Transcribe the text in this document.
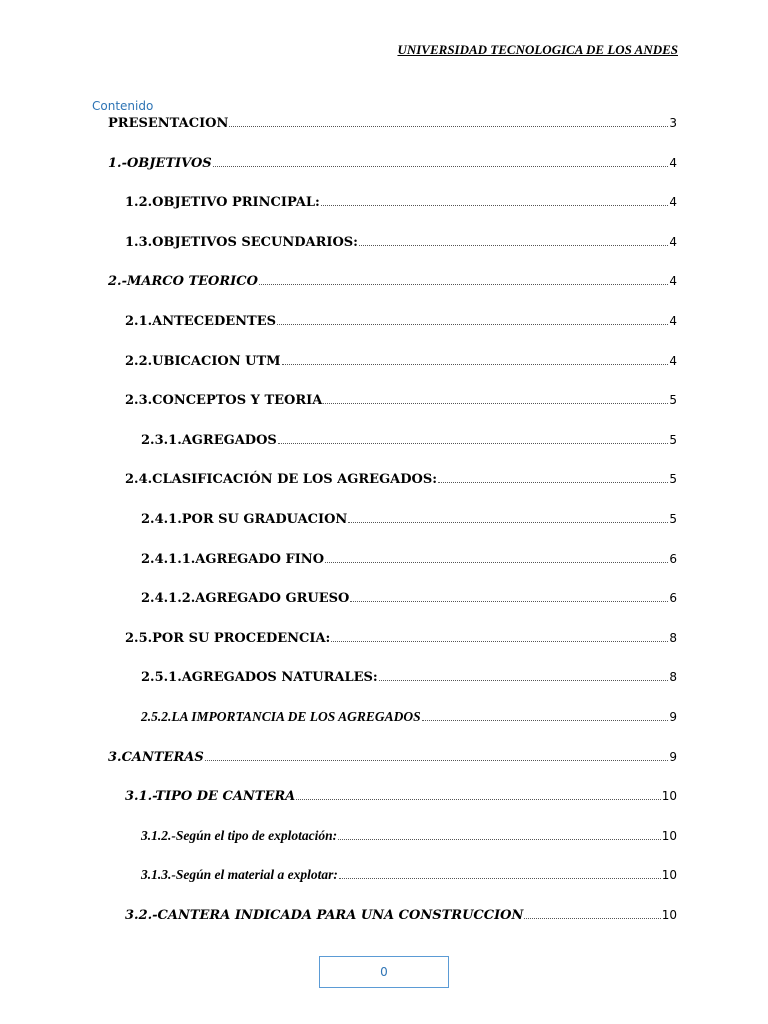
UNIVERSIDAD TECNOLOGICA DE LOS ANDES
Contenido
PRESENTACION	3
1.-OBJETIVOS	4
1.2.OBJETIVO PRINCIPAL:	4
1.3.OBJETIVOS SECUNDARIOS:	4
2.-MARCO TEORICO	4
2.1.ANTECEDENTES	4
2.2.UBICACION UTM	4
2.3.CONCEPTOS Y TEORIA	5
2.3.1.AGREGADOS	5
2.4.CLASIFICACIÓN DE LOS AGREGADOS:	5
2.4.1.POR SU GRADUACION	5
2.4.1.1.AGREGADO FINO	6
2.4.1.2.AGREGADO GRUESO	6
2.5.POR SU PROCEDENCIA:	8
2.5.1.AGREGADOS NATURALES:	8
2.5.2.LA IMPORTANCIA DE LOS AGREGADOS	9
3.CANTERAS	9
3.1.-TIPO DE CANTERA	10
3.1.2.-Según el tipo de explotación:	10
3.1.3.-Según el material a explotar:	10
3.2.-CANTERA INDICADA PARA UNA CONSTRUCCION	10
0
